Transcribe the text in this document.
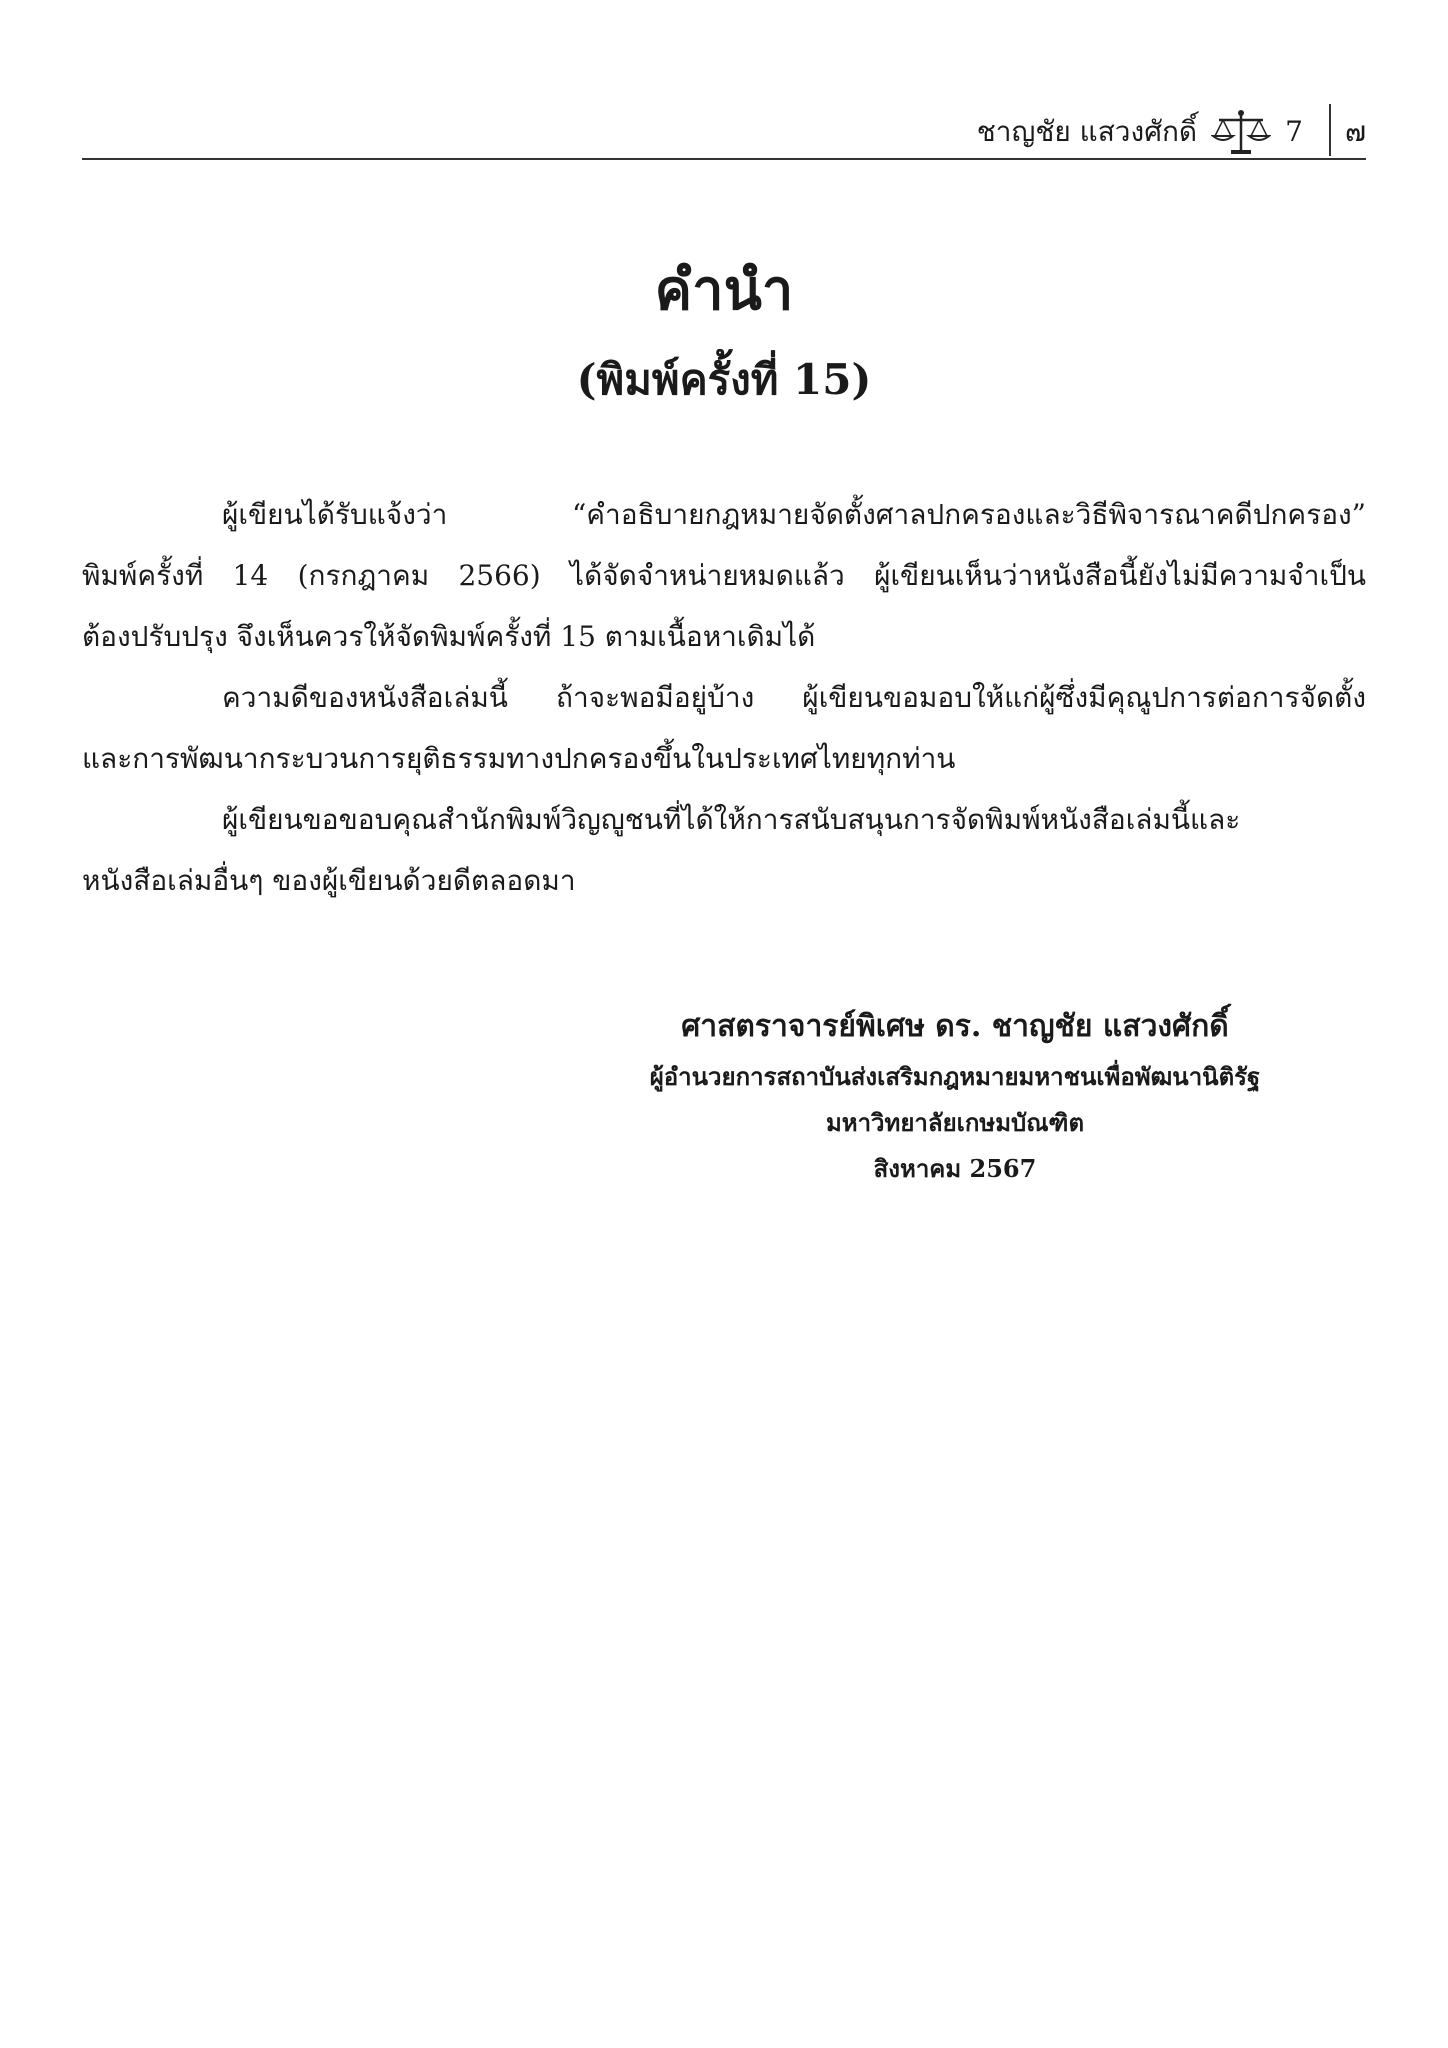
ชาญชัย แสวงศักดิ์	7	๗
คำนำ
(พิมพ์ครั้งที่ 15)
ผู้เขียนได้รับแจ้งว่า “คำอธิบายกฎหมายจัดตั้งศาลปกครองและวิธีพิจารณาคดีปกครอง”
พิมพ์ครั้งที่ 14 (กรกฎาคม 2566) ได้จัดจำหน่ายหมดแล้ว ผู้เขียนเห็นว่าหนังสือนี้ยังไม่มีความจำเป็น
ต้องปรับปรุง จึงเห็นควรให้จัดพิมพ์ครั้งที่ 15 ตามเนื้อหาเดิมได้
ความดีของหนังสือเล่มนี้ ถ้าจะพอมีอยู่บ้าง ผู้เขียนขอมอบให้แก่ผู้ซึ่งมีคุณูปการต่อการจัดตั้ง
และการพัฒนากระบวนการยุติธรรมทางปกครองขึ้นในประเทศไทยทุกท่าน
ผู้เขียนขอขอบคุณสำนักพิมพ์วิญญูชนที่ได้ให้การสนับสนุนการจัดพิมพ์หนังสือเล่มนี้และ
หนังสือเล่มอื่นๆ ของผู้เขียนด้วยดีตลอดมา
ศาสตราจารย์พิเศษ ดร. ชาญชัย แสวงศักดิ์
ผู้อำนวยการสถาบันส่งเสริมกฎหมายมหาชนเพื่อพัฒนานิติรัฐ
มหาวิทยาลัยเกษมบัณฑิต
สิงหาคม 2567
